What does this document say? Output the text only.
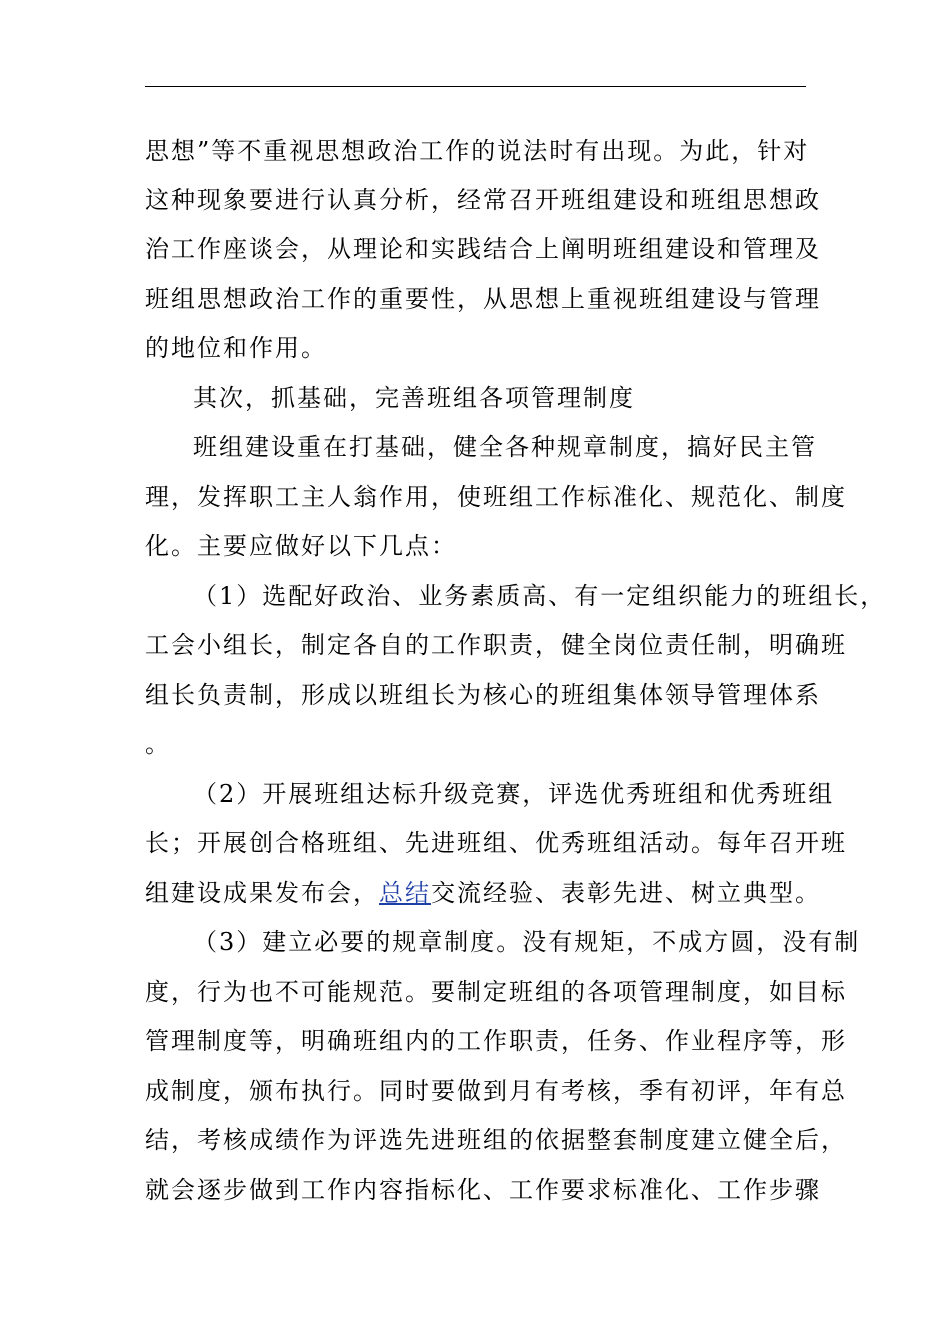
思想”等不重视思想政治工作的说法时有出现。为此，针对
这种现象要进行认真分析，经常召开班组建设和班组思想政
治工作座谈会，从理论和实践结合上阐明班组建设和管理及
班组思想政治工作的重要性，从思想上重视班组建设与管理
的地位和作用。
其次，抓基础，完善班组各项管理制度
班组建设重在打基础，健全各种规章制度，搞好民主管
理，发挥职工主人翁作用，使班组工作标准化、规范化、制度
化。主要应做好以下几点：
（1）选配好政治、业务素质高、有一定组织能力的班组长，
工会小组长，制定各自的工作职责，健全岗位责任制，明确班
组长负责制，形成以班组长为核心的班组集体领导管理体系
。
（2）开展班组达标升级竞赛，评选优秀班组和优秀班组
长；开展创合格班组、先进班组、优秀班组活动。每年召开班
组建设成果发布会，总结交流经验、表彰先进、树立典型。
（3）建立必要的规章制度。没有规矩，不成方圆，没有制
度，行为也不可能规范。要制定班组的各项管理制度，如目标
管理制度等，明确班组内的工作职责，任务、作业程序等，形
成制度，颁布执行。同时要做到月有考核，季有初评，年有总
结，考核成绩作为评选先进班组的依据整套制度建立健全后，
就会逐步做到工作内容指标化、工作要求标准化、工作步骤
